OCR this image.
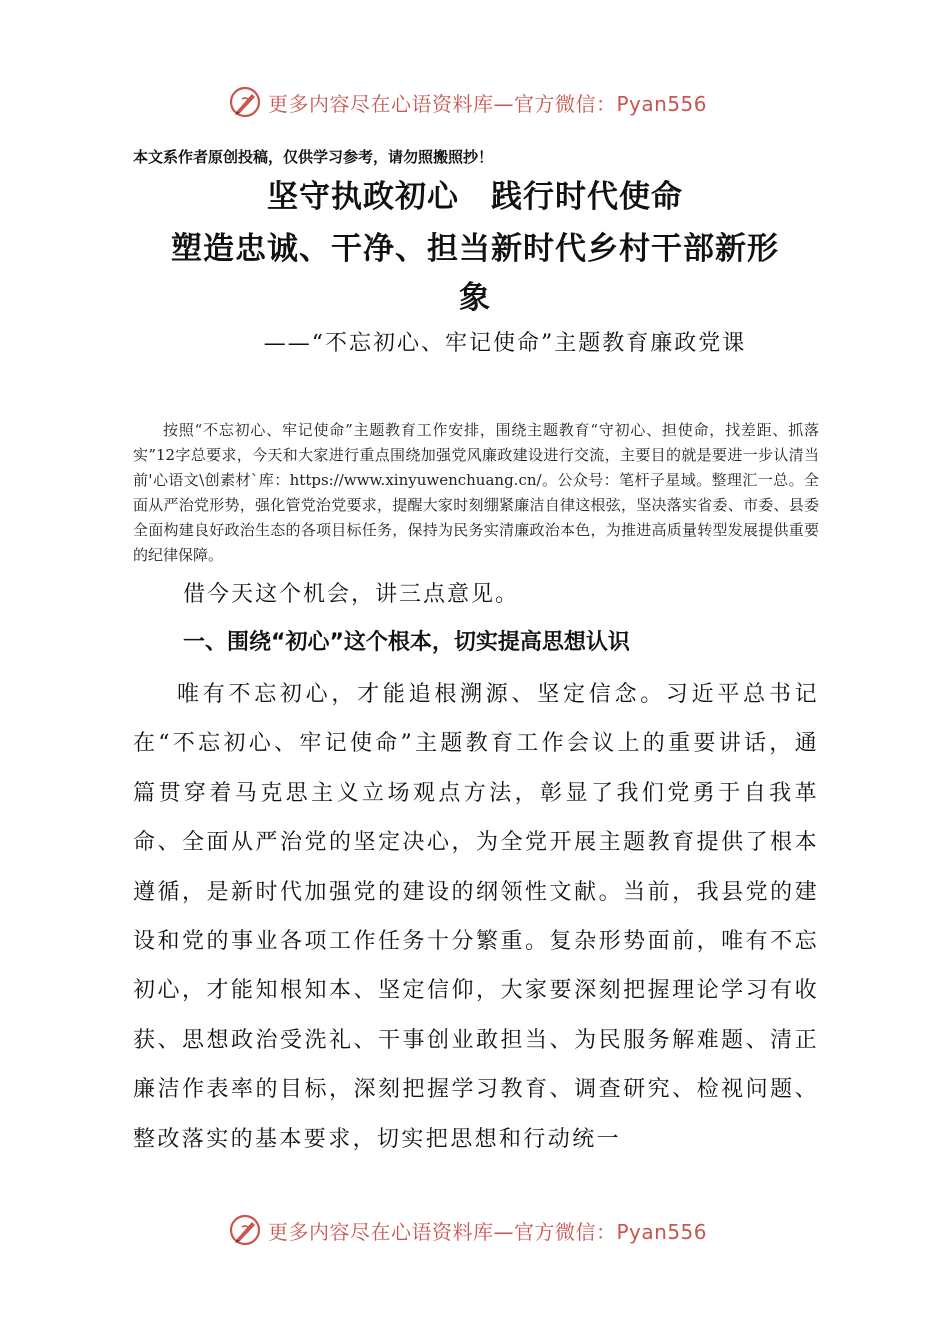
更多内容尽在心语资料库—官方微信：Pyan556
本文系作者原创投稿，仅供学习参考，请勿照搬照抄！
坚守执政初心　践行时代使命
塑造忠诚、干净、担当新时代乡村干部新形
象
——“不忘初心、牢记使命”主题教育廉政党课

按照“不忘初心、牢记使命”主题教育工作安排，围绕主题教育“守初心、担使命，找差距、抓落实”12字总要求，今天和大家进行重点围绕加强党风廉政建设进行交流，主要目的就是要进一步认清当前'心语文\创素材`库：https://www.xinyuwenchuang.cn/。公众号：笔杆子星域。整理汇一总。全面从严治党形势，强化管党治党要求，提醒大家时刻绷紧廉洁自律这根弦，坚决落实省委、市委、县委全面构建良好政治生态的各项目标任务，保持为民务实清廉政治本色，为推进高质量转型发展提供重要的纪律保障。

借今天这个机会，讲三点意见。
一、围绕“初心”这个根本，切实提高思想认识

唯有不忘初心，才能追根溯源、坚定信念。习近平总书记在“不忘初心、牢记使命”主题教育工作会议上的重要讲话，通篇贯穿着马克思主义立场观点方法，彰显了我们党勇于自我革命、全面从严治党的坚定决心，为全党开展主题教育提供了根本遵循，是新时代加强党的建设的纲领性文献。当前，我县党的建设和党的事业各项工作任务十分繁重。复杂形势面前，唯有不忘初心，才能知根知本、坚定信仰，大家要深刻把握理论学习有收获、思想政治受洗礼、干事创业敢担当、为民服务解难题、清正廉洁作表率的目标，深刻把握学习教育、调查研究、检视问题、整改落实的基本要求，切实把思想和行动统一

更多内容尽在心语资料库—官方微信：Pyan556
